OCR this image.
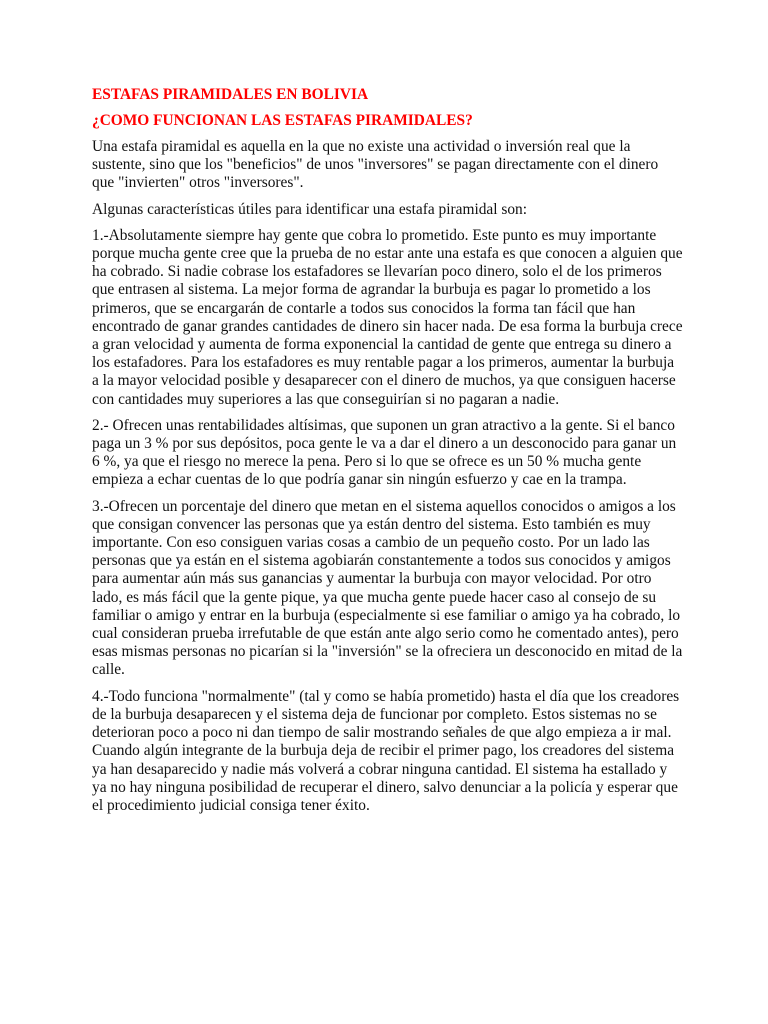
ESTAFAS PIRAMIDALES EN BOLIVIA
¿COMO FUNCIONAN LAS ESTAFAS PIRAMIDALES?

Una estafa piramidal es aquella en la que no existe una actividad o inversión real que la sustente, sino que los "beneficios" de unos "inversores" se pagan directamente con el dinero que "invierten" otros "inversores".

Algunas características útiles para identificar una estafa piramidal son:

1.-Absolutamente siempre hay gente que cobra lo prometido. Este punto es muy importante porque mucha gente cree que la prueba de no estar ante una estafa es que conocen a alguien que ha cobrado. Si nadie cobrase los estafadores se llevarían poco dinero, solo el de los primeros que entrasen al sistema. La mejor forma de agrandar la burbuja es pagar lo prometido a los primeros, que se encargarán de contarle a todos sus conocidos la forma tan fácil que han encontrado de ganar grandes cantidades de dinero sin hacer nada. De esa forma la burbuja crece a gran velocidad y aumenta de forma exponencial la cantidad de gente que entrega su dinero a los estafadores. Para los estafadores es muy rentable pagar a los primeros, aumentar la burbuja a la mayor velocidad posible y desaparecer con el dinero de muchos, ya que consiguen hacerse con cantidades muy superiores a las que conseguirían si no pagaran a nadie.

2.- Ofrecen unas rentabilidades altísimas, que suponen un gran atractivo a la gente. Si el banco paga un 3 % por sus depósitos, poca gente le va a dar el dinero a un desconocido para ganar un 6 %, ya que el riesgo no merece la pena. Pero si lo que se ofrece es un 50 % mucha gente empieza a echar cuentas de lo que podría ganar sin ningún esfuerzo y cae en la trampa.

3.-Ofrecen un porcentaje del dinero que metan en el sistema aquellos conocidos o amigos a los que consigan convencer las personas que ya están dentro del sistema. Esto también es muy importante. Con eso consiguen varias cosas a cambio de un pequeño costo. Por un lado las personas que ya están en el sistema agobiarán constantemente a todos sus conocidos y amigos para aumentar aún más sus ganancias y aumentar la burbuja con mayor velocidad. Por otro lado, es más fácil que la gente pique, ya que mucha gente puede hacer caso al consejo de su familiar o amigo y entrar en la burbuja (especialmente si ese familiar o amigo ya ha cobrado, lo cual consideran prueba irrefutable de que están ante algo serio como he comentado antes), pero esas mismas personas no picarían si la "inversión" se la ofreciera un desconocido en mitad de la calle.

4.-Todo funciona "normalmente" (tal y como se había prometido) hasta el día que los creadores de la burbuja desaparecen y el sistema deja de funcionar por completo. Estos sistemas no se deterioran poco a poco ni dan tiempo de salir mostrando señales de que algo empieza a ir mal. Cuando algún integrante de la burbuja deja de recibir el primer pago, los creadores del sistema ya han desaparecido y nadie más volverá a cobrar ninguna cantidad. El sistema ha estallado y ya no hay ninguna posibilidad de recuperar el dinero, salvo denunciar a la policía y esperar que el procedimiento judicial consiga tener éxito.
